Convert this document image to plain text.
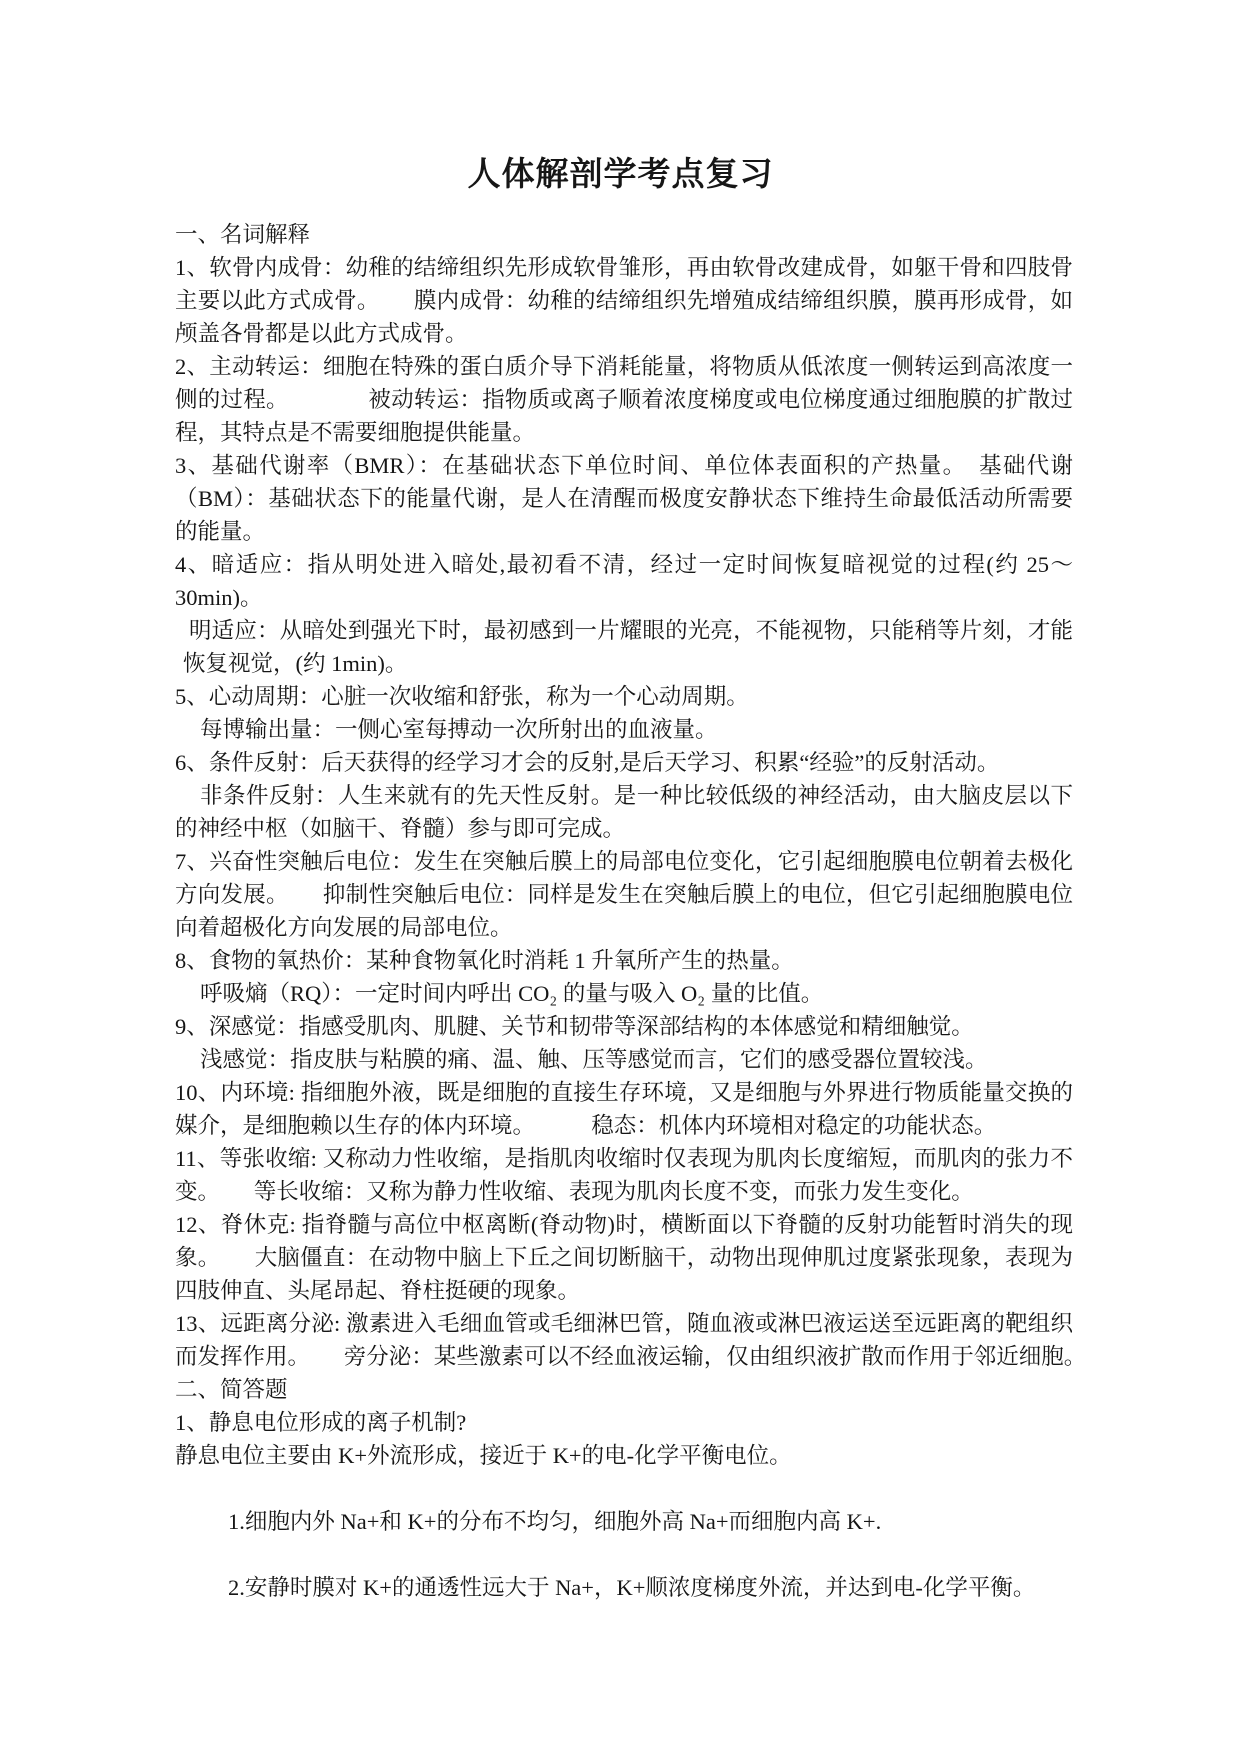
人体解剖学考点复习
一、名词解释
1、软骨内成骨：幼稚的结缔组织先形成软骨雏形，再由软骨改建成骨，如躯干骨和四肢骨
主要以此方式成骨。　　膜内成骨：幼稚的结缔组织先增殖成结缔组织膜，膜再形成骨，如
颅盖各骨都是以此方式成骨。
2、主动转运：细胞在特殊的蛋白质介导下消耗能量，将物质从低浓度一侧转运到高浓度一
侧的过程。　　　　被动转运：指物质或离子顺着浓度梯度或电位梯度通过细胞膜的扩散过
程，其特点是不需要细胞提供能量。
3、基础代谢率（BMR）：在基础状态下单位时间、单位体表面积的产热量。　基础代谢
（BM）：基础状态下的能量代谢，是人在清醒而极度安静状态下维持生命最低活动所需要
的能量。
4、暗适应：指从明处进入暗处,最初看不清，经过一定时间恢复暗视觉的过程(约 25～
30min)。
明适应：从暗处到强光下时，最初感到一片耀眼的光亮，不能视物，只能稍等片刻，才能
恢复视觉，(约 1min)。
5、心动周期：心脏一次收缩和舒张，称为一个心动周期。
每博输出量：一侧心室每搏动一次所射出的血液量。
6、条件反射：后天获得的经学习才会的反射,是后天学习、积累“经验”的反射活动。
非条件反射：人生来就有的先天性反射。是一种比较低级的神经活动，由大脑皮层以下
的神经中枢（如脑干、脊髓）参与即可完成。
7、兴奋性突触后电位：发生在突触后膜上的局部电位变化，它引起细胞膜电位朝着去极化
方向发展。　　抑制性突触后电位：同样是发生在突触后膜上的电位，但它引起细胞膜电位
向着超极化方向发展的局部电位。
8、食物的氧热价：某种食物氧化时消耗 1 升氧所产生的热量。
呼吸熵（RQ）：一定时间内呼出 CO₂ 的量与吸入 O₂ 量的比值。
9、深感觉：指感受肌肉、肌腱、关节和韧带等深部结构的本体感觉和精细触觉。
浅感觉：指皮肤与粘膜的痛、温、触、压等感觉而言，它们的感受器位置较浅。
10、内环境: 指细胞外液，既是细胞的直接生存环境，又是细胞与外界进行物质能量交换的
媒介，是细胞赖以生存的体内环境。　　　稳态：机体内环境相对稳定的功能状态。
11、等张收缩: 又称动力性收缩，是指肌肉收缩时仅表现为肌肉长度缩短，而肌肉的张力不
变。　　等长收缩：又称为静力性收缩、表现为肌肉长度不变，而张力发生变化。
12、脊休克: 指脊髓与高位中枢离断(脊动物)时，横断面以下脊髓的反射功能暂时消失的现
象。　　大脑僵直：在动物中脑上下丘之间切断脑干，动物出现伸肌过度紧张现象，表现为
四肢伸直、头尾昂起、脊柱挺硬的现象。
13、远距离分泌: 激素进入毛细血管或毛细淋巴管，随血液或淋巴液运送至远距离的靶组织
而发挥作用。　　旁分泌：某些激素可以不经血液运输，仅由组织液扩散而作用于邻近细胞。
二、简答题
1、静息电位形成的离子机制?
静息电位主要由 K+外流形成，接近于 K+的电-化学平衡电位。
1.细胞内外 Na+和 K+的分布不均匀，细胞外高 Na+而细胞内高 K+.
2.安静时膜对 K+的通透性远大于 Na+，K+顺浓度梯度外流，并达到电-化学平衡。
